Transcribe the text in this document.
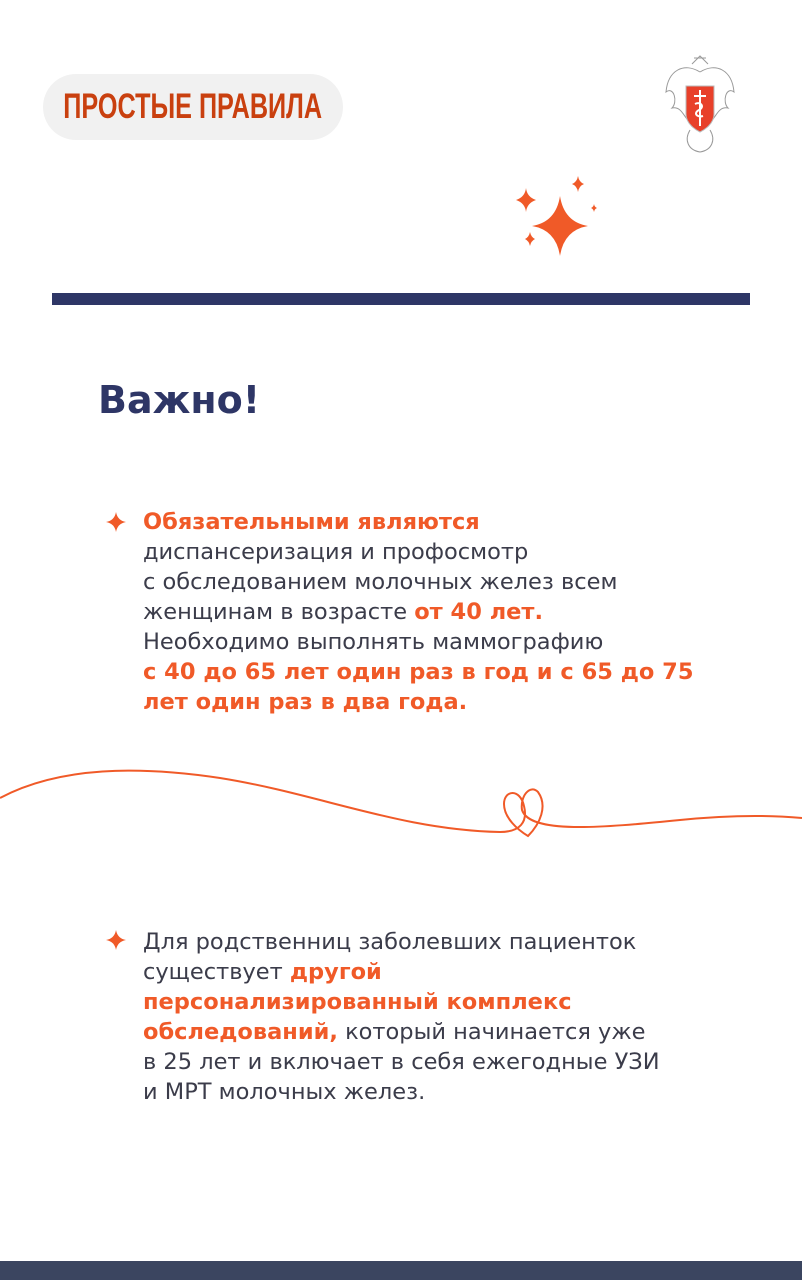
ПРОСТЫЕ ПРАВИЛА
Важно!
Обязательными являются
диспансеризация и профосмотр
с обследованием молочных желез всем
женщинам в возрасте от 40 лет.
Необходимо выполнять маммографию
с 40 до 65 лет один раз в год и с 65 до 75
лет один раз в два года.
Для родственниц заболевших пациенток
существует другой
персонализированный комплекс
обследований, который начинается уже
в 25 лет и включает в себя ежегодные УЗИ
и МРТ молочных желез.
